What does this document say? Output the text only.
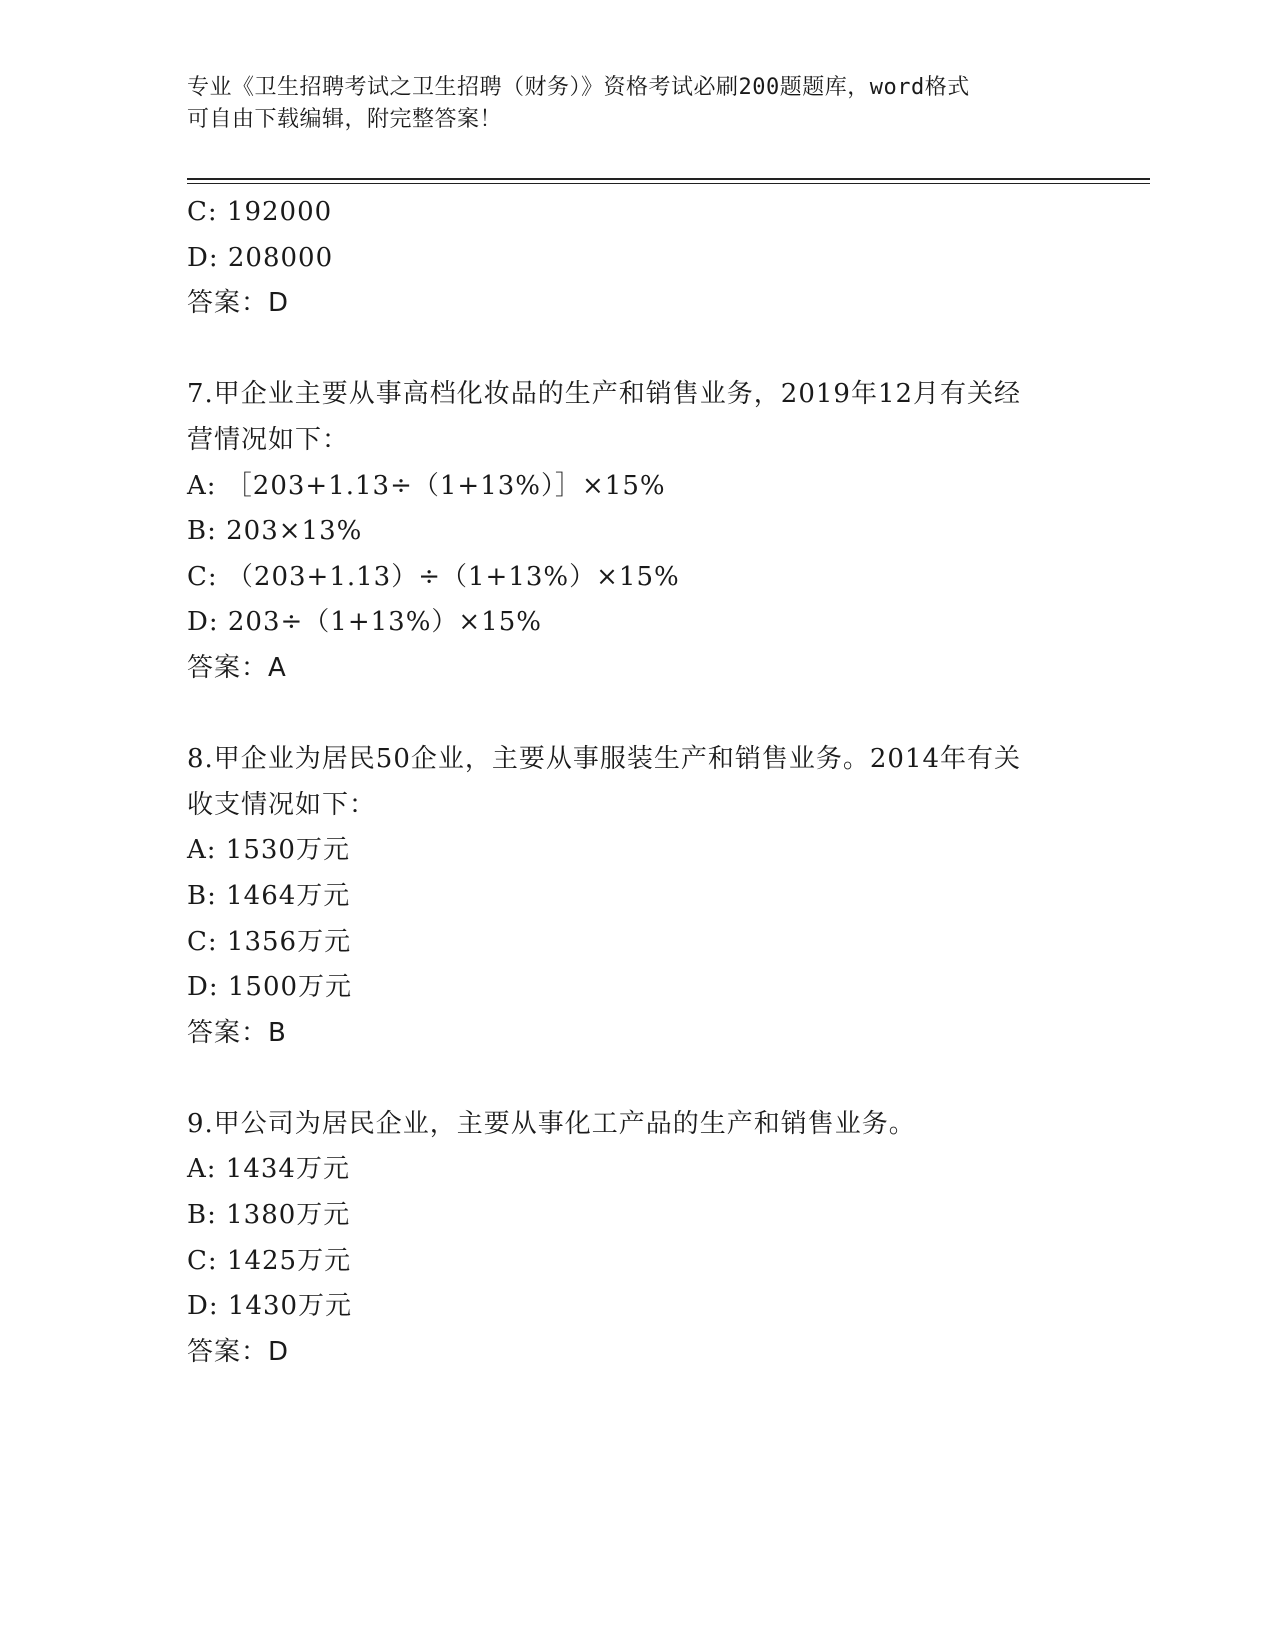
专业《卫生招聘考试之卫生招聘（财务）》资格考试必刷200题题库，word格式
可自由下载编辑，附完整答案！
C: 192000
D: 208000
答案：D
7.甲企业主要从事高档化妆品的生产和销售业务，2019年12月有关经
营情况如下：
A: ［203+1.13÷（1+13%）］×15%
B: 203×13%
C: （203+1.13）÷（1+13%）×15%
D: 203÷（1+13%）×15%
答案：A
8.甲企业为居民50企业，主要从事服装生产和销售业务。2014年有关
收支情况如下：
A: 1530万元
B: 1464万元
C: 1356万元
D: 1500万元
答案：B
9.甲公司为居民企业，主要从事化工产品的生产和销售业务。
A: 1434万元
B: 1380万元
C: 1425万元
D: 1430万元
答案：D
